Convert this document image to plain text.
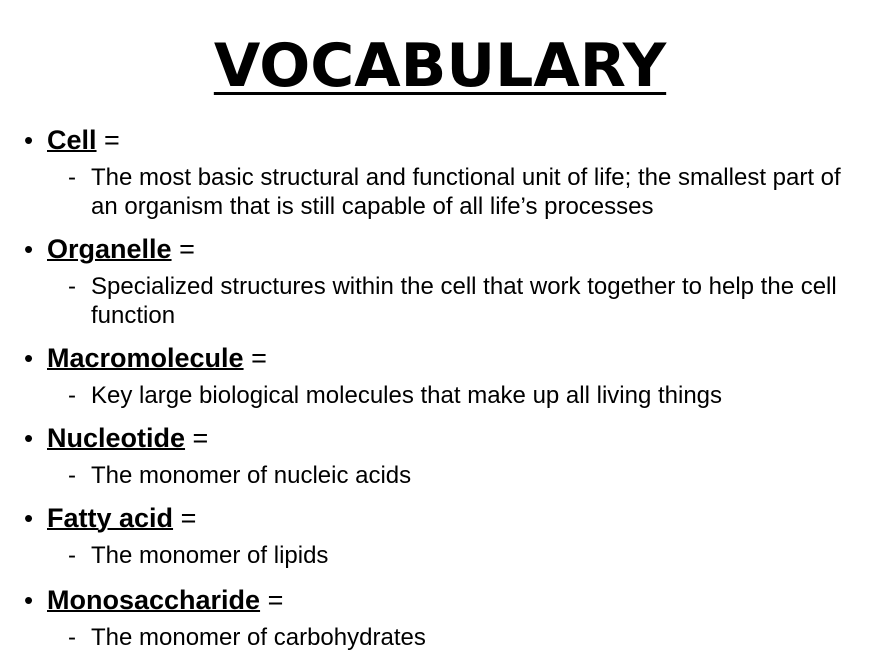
VOCABULARY
• Cell =
- The most basic structural and functional unit of life; the smallest part of an organism that is still capable of all life’s processes
• Organelle =
- Specialized structures within the cell that work together to help the cell function
• Macromolecule =
- Key large biological molecules that make up all living things
• Nucleotide =
- The monomer of nucleic acids
• Fatty acid =
- The monomer of lipids
• Monosaccharide =
- The monomer of carbohydrates
